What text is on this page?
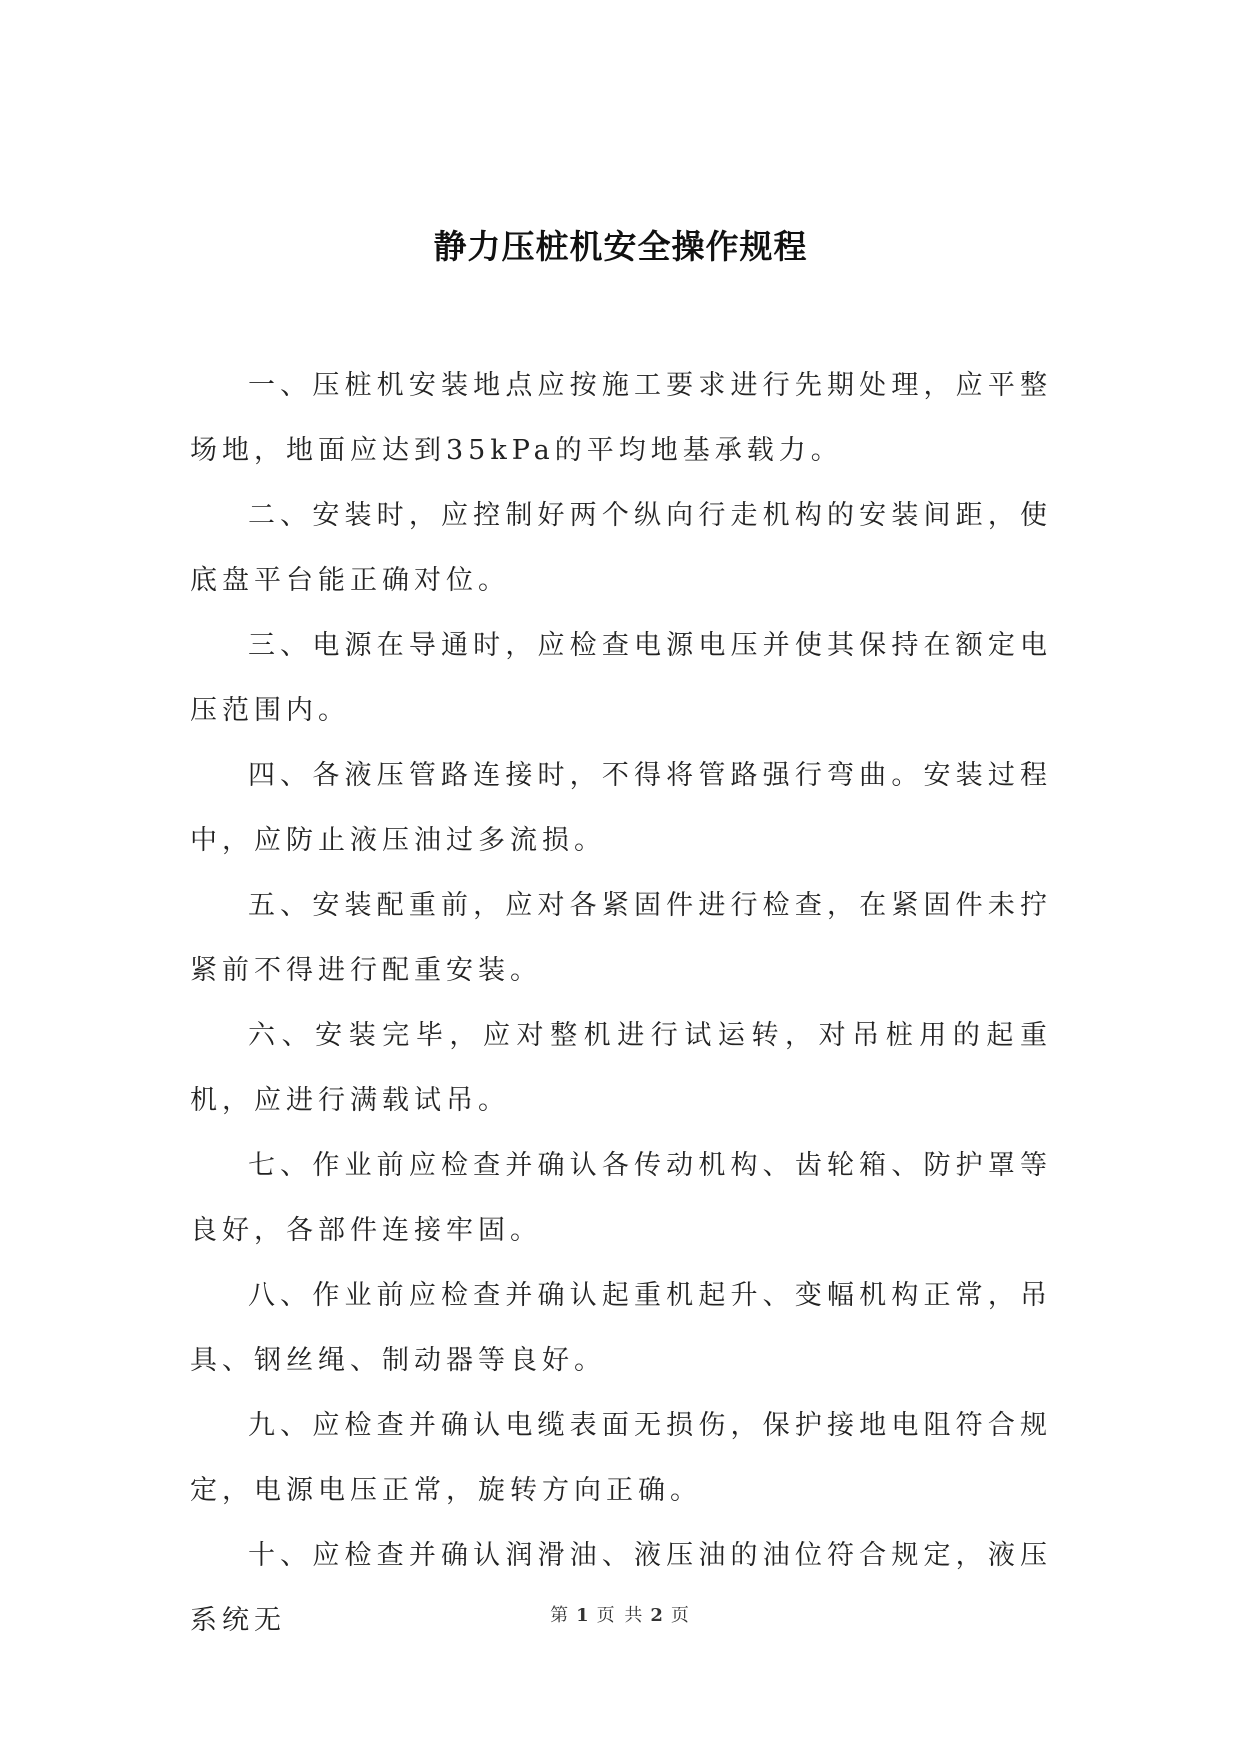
静力压桩机安全操作规程

一、压桩机安装地点应按施工要求进行先期处理，应平整场地，地面应达到35kPa的平均地基承载力。

二、安装时，应控制好两个纵向行走机构的安装间距，使底盘平台能正确对位。

三、电源在导通时，应检查电源电压并使其保持在额定电压范围内。

四、各液压管路连接时，不得将管路强行弯曲。安装过程中，应防止液压油过多流损。

五、安装配重前，应对各紧固件进行检查，在紧固件未拧紧前不得进行配重安装。

六、安装完毕，应对整机进行试运转，对吊桩用的起重机，应进行满载试吊。

七、作业前应检查并确认各传动机构、齿轮箱、防护罩等良好，各部件连接牢固。

八、作业前应检查并确认起重机起升、变幅机构正常，吊具、钢丝绳、制动器等良好。

九、应检查并确认电缆表面无损伤，保护接地电阻符合规定，电源电压正常，旋转方向正确。

十、应检查并确认润滑油、液压油的油位符合规定，液压系统无	第 1 页 共 2 页
